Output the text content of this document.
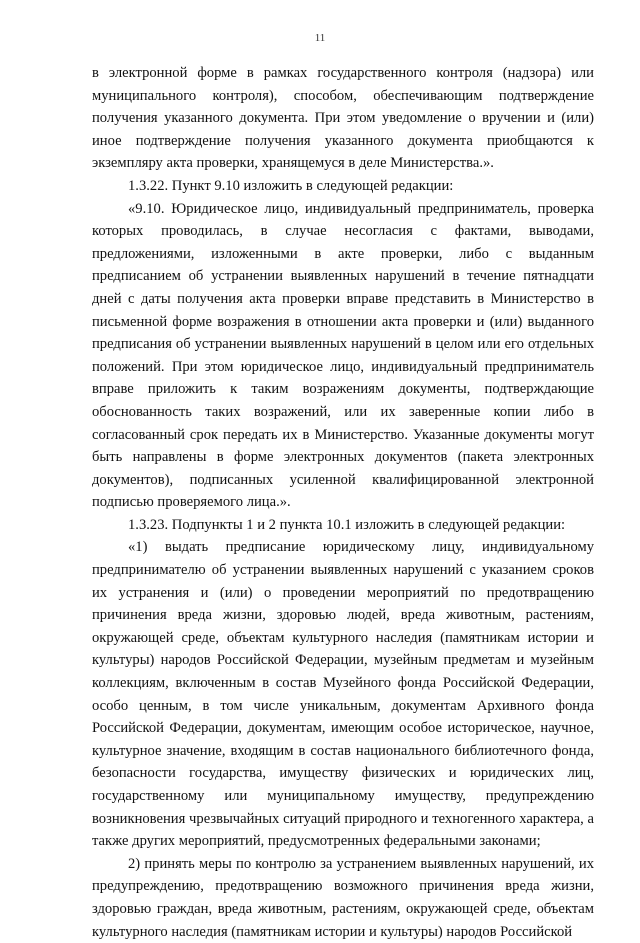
11

в электронной форме в рамках государственного контроля (надзора) или муниципального контроля), способом, обеспечивающим подтверждение получения указанного документа. При этом уведомление о вручении и (или) иное подтверждение получения указанного документа приобщаются к экземпляру акта проверки, хранящемуся в деле Министерства.».

1.3.22. Пункт 9.10 изложить в следующей редакции:

«9.10. Юридическое лицо, индивидуальный предприниматель, проверка которых проводилась, в случае несогласия с фактами, выводами, предложениями, изложенными в акте проверки, либо с выданным предписанием об устранении выявленных нарушений в течение пятнадцати дней с даты получения акта проверки вправе представить в Министерство в письменной форме возражения в отношении акта проверки и (или) выданного предписания об устранении выявленных нарушений в целом или его отдельных положений. При этом юридическое лицо, индивидуальный предприниматель вправе приложить к таким возражениям документы, подтверждающие обоснованность таких возражений, или их заверенные копии либо в согласованный срок передать их в Министерство. Указанные документы могут быть направлены в форме электронных документов (пакета электронных документов), подписанных усиленной квалифицированной электронной подписью проверяемого лица.».

1.3.23. Подпункты 1 и 2 пункта 10.1 изложить в следующей редакции:

«1) выдать предписание юридическому лицу, индивидуальному предпринимателю об устранении выявленных нарушений с указанием сроков их устранения и (или) о проведении мероприятий по предотвращению причинения вреда жизни, здоровью людей, вреда животным, растениям, окружающей среде, объектам культурного наследия (памятникам истории и культуры) народов Российской Федерации, музейным предметам и музейным коллекциям, включенным в состав Музейного фонда Российской Федерации, особо ценным, в том числе уникальным, документам Архивного фонда Российской Федерации, документам, имеющим особое историческое, научное, культурное значение, входящим в состав национального библиотечного фонда, безопасности государства, имуществу физических и юридических лиц, государственному или муниципальному имуществу, предупреждению возникновения чрезвычайных ситуаций природного и техногенного характера, а также других мероприятий, предусмотренных федеральными законами;

2) принять меры по контролю за устранением выявленных нарушений, их предупреждению, предотвращению возможного причинения вреда жизни, здоровью граждан, вреда животным, растениям, окружающей среде, объектам культурного наследия (памятникам истории и культуры) народов Российской
